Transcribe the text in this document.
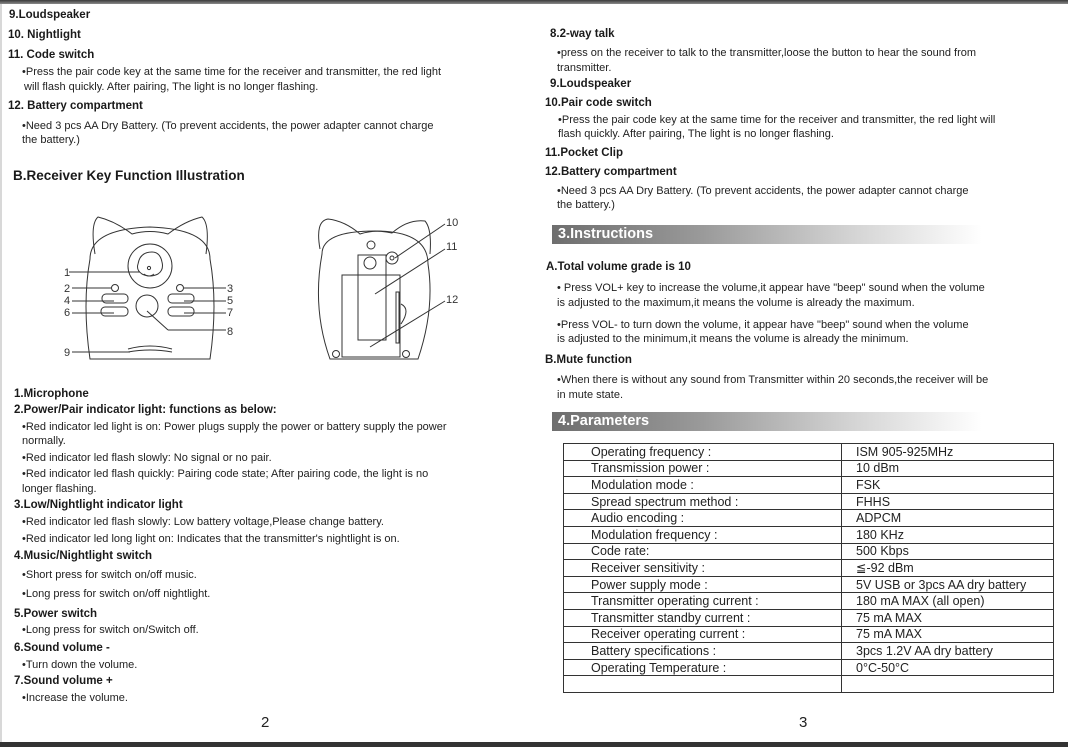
9.Loudspeaker
10. Nightlight
11. Code switch
•Press the pair code key at the same time for the receiver and transmitter, the red light
will flash quickly. After pairing, The light is no longer flashing.
12. Battery compartment
•Need 3 pcs AA Dry Battery. (To prevent accidents, the power adapter cannot charge
the battery.)
B.Receiver Key Function Illustration
1
2	3
4	5
6	7
8
9
10
11
12
1.Microphone
2.Power/Pair indicator light: functions as below:
•Red indicator led light is on: Power plugs supply the power or battery supply the power
normally.
•Red indicator led flash slowly: No signal or no pair.
•Red indicator led flash quickly: Pairing code state; After pairing code, the light is no
longer flashing.
3.Low/Nightlight indicator light
•Red indicator led flash slowly: Low battery voltage,Please change battery.
•Red indicator led long light on: Indicates that the transmitter's nightlight is on.
4.Music/Nightlight switch
•Short press for switch on/off music.
•Long press for switch on/off nightlight.
5.Power switch
•Long press for switch on/Switch off.
6.Sound volume -
•Turn down the volume.
7.Sound volume +
•Increase the volume.
2
8.2-way talk
•press on the receiver to talk to the transmitter,loose the button to hear the sound from
transmitter.
9.Loudspeaker
10.Pair code switch
•Press the pair code key at the same time for the receiver and transmitter, the red light will
flash quickly. After pairing, The light is no longer flashing.
11.Pocket Clip
12.Battery compartment
•Need 3 pcs AA Dry Battery. (To prevent accidents, the power adapter cannot charge
the battery.)
3.Instructions
A.Total volume grade is 10
• Press VOL+ key to increase the volume,it appear have "beep" sound when the volume
is adjusted to the maximum,it means the volume is already the maximum.
•Press VOL- to turn down the volume, it appear have "beep" sound when the volume
is adjusted to the minimum,it means the volume is already the minimum.
B.Mute function
•When there is without any sound from Transmitter within 20 seconds,the receiver will be
in mute state.
4.Parameters
Operating frequency :	ISM 905-925MHz
Transmission power :	10 dBm
Modulation mode :	FSK
Spread spectrum method :	FHHS
Audio encoding :	ADPCM
Modulation frequency :	180 KHz
Code rate:	500 Kbps
Receiver sensitivity :	≦-92 dBm
Power supply mode :	5V USB or 3pcs AA dry battery
Transmitter operating current :	180 mA MAX (all open)
Transmitter standby current :	75 mA MAX
Receiver operating current :	75 mA MAX
Battery specifications :	3pcs 1.2V AA dry battery
Operating Temperature :	0°C-50°C

3
